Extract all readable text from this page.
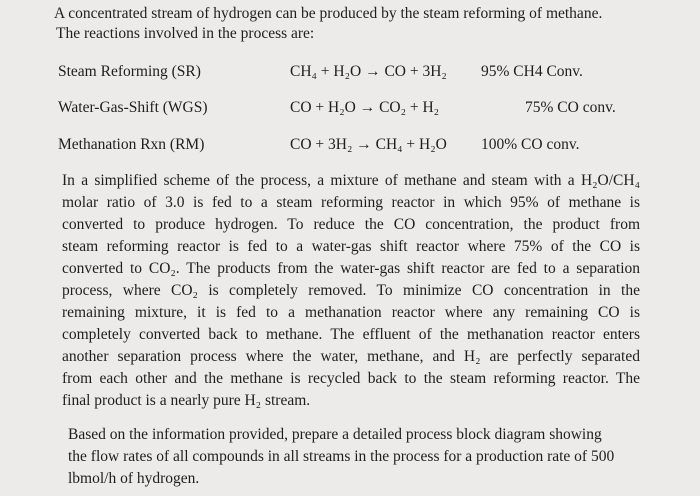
A concentrated stream of hydrogen can be produced by the steam reforming of methane.
The reactions involved in the process are:
Steam Reforming (SR)	CH₄ + H₂O → CO + 3H₂ 95% CH4 Conv.
Water-Gas-Shift (WGS)	CO + H₂O → CO₂ + H₂	75% CO conv.
Methanation Rxn (RM)	CO + 3H₂ → CH₄ + H₂O 100% CO conv.
In a simplified scheme of the process, a mixture of methane and steam with a H₂O/CH₄
molar ratio of 3.0 is fed to a steam reforming reactor in which 95% of methane is
converted to produce hydrogen. To reduce the CO concentration, the product from
steam reforming reactor is fed to a water-gas shift reactor where 75% of the CO is
converted to CO₂. The products from the water-gas shift reactor are fed to a separation
process, where CO₂ is completely removed. To minimize CO concentration in the
remaining mixture, it is fed to a methanation reactor where any remaining CO is
completely converted back to methane. The effluent of the methanation reactor enters
another separation process where the water, methane, and H₂ are perfectly separated
from each other and the methane is recycled back to the steam reforming reactor. The
final product is a nearly pure H₂ stream.
Based on the information provided, prepare a detailed process block diagram showing
the flow rates of all compounds in all streams in the process for a production rate of 500
lbmol/h of hydrogen.
